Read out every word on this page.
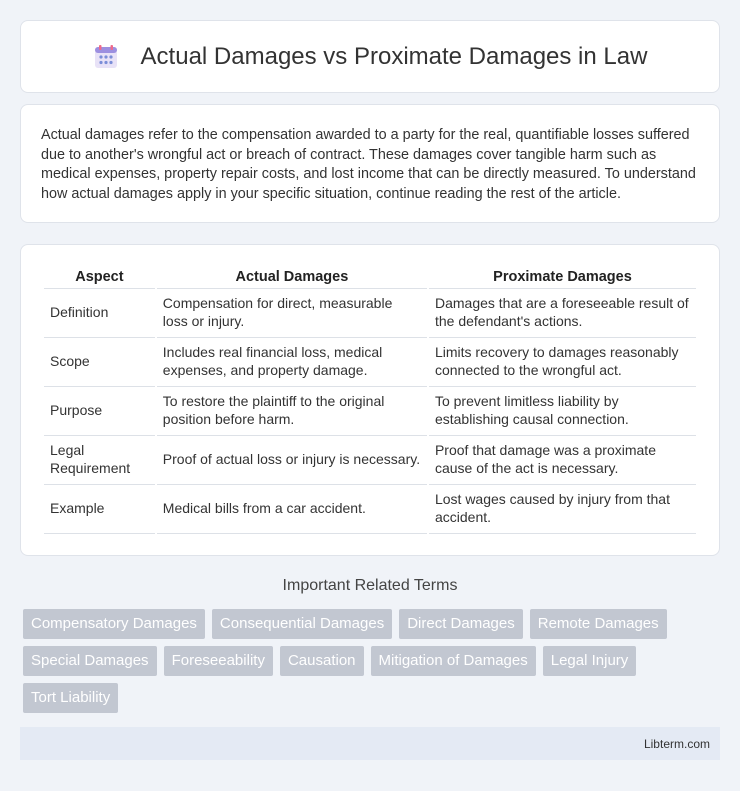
Actual Damages vs Proximate Damages in Law

Actual damages refer to the compensation awarded to a party for the real, quantifiable losses suffered due to another's wrongful act or breach of contract. These damages cover tangible harm such as medical expenses, property repair costs, and lost income that can be directly measured. To understand how actual damages apply in your specific situation, continue reading the rest of the article.

Aspect	Actual Damages	Proximate Damages
Definition	Compensation for direct, measurable loss or injury.	Damages that are a foreseeable result of the defendant's actions.
Scope	Includes real financial loss, medical expenses, and property damage.	Limits recovery to damages reasonably connected to the wrongful act.
Purpose	To restore the plaintiff to the original position before harm.	To prevent limitless liability by establishing causal connection.
Legal Requirement	Proof of actual loss or injury is necessary.	Proof that damage was a proximate cause of the act is necessary.
Example	Medical bills from a car accident.	Lost wages caused by injury from that accident.
Important Related Terms
Compensatory Damages	Consequential Damages	Direct Damages	Remote Damages
Special Damages	Foreseeability	Causation	Mitigation of Damages	Legal Injury
Tort Liability
Libterm.com
